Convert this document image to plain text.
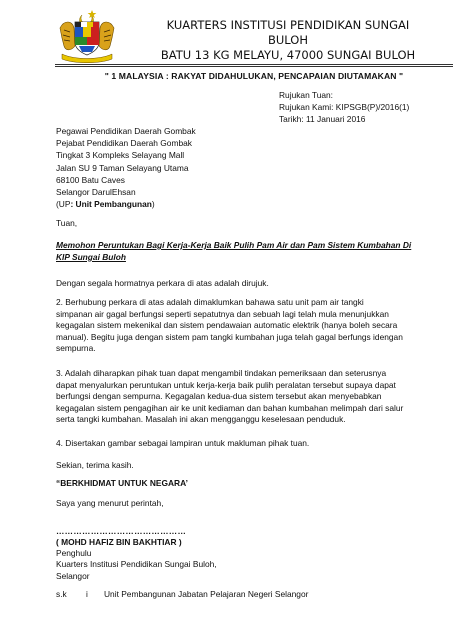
KUARTERS INSTITUSI PENDIDIKAN SUNGAI
BULOH
BATU 13 KG MELAYU, 47000 SUNGAI BULOH
" 1 MALAYSIA : RAKYAT DIDAHULUKAN, PENCAPAIAN DIUTAMAKAN "
Rujukan Tuan:
Rujukan Kami: KIPSGB(P)/2016(1)
Tarikh: 11 Januari 2016
Pegawai Pendidikan Daerah Gombak
Pejabat Pendidikan Daerah Gombak
Tingkat 3 Kompleks Selayang Mall
Jalan SU 9 Taman Selayang Utama
68100 Batu Caves
Selangor DarulEhsan
(UP: Unit Pembangunan)
Tuan,
Memohon Peruntukan Bagi Kerja-Kerja Baik Pulih Pam Air dan Pam Sistem Kumbahan Di
KIP Sungai Buloh
Dengan segala hormatnya perkara di atas adalah dirujuk.
2. Berhubung perkara di atas adalah dimaklumkan bahawa satu unit pam air tangki
simpanan air gagal berfungsi seperti sepatutnya dan sebuah lagi telah mula menunjukkan
kegagalan sistem mekenikal dan sistem pendawaian automatic elektrik (hanya boleh secara
manual). Begitu juga dengan sistem pam tangki kumbahan juga telah gagal berfungs idengan
sempurna.
3. Adalah diharapkan pihak tuan dapat mengambil tindakan pemeriksaan dan seterusnya
dapat menyalurkan peruntukan untuk kerja-kerja baik pulih peralatan tersebut supaya dapat
berfungsi dengan sempurna. Kegagalan kedua-dua sistem tersebut akan menyebabkan
kegagalan sistem pengagihan air ke unit kediaman dan bahan kumbahan melimpah dari salur
serta tangki kumbahan. Masalah ini akan mengganggu keselesaan penduduk.
4. Disertakan gambar sebagai lampiran untuk makluman pihak tuan.
Sekian, terima kasih.
“BERKHIDMAT UNTUK NEGARA’
Saya yang menurut perintah,
………………………………………
( MOHD HAFIZ BIN BAKHTIAR )
Penghulu
Kuarters Institusi Pendidikan Sungai Buloh,
Selangor
s.k i Unit Pembangunan Jabatan Pelajaran Negeri Selangor
